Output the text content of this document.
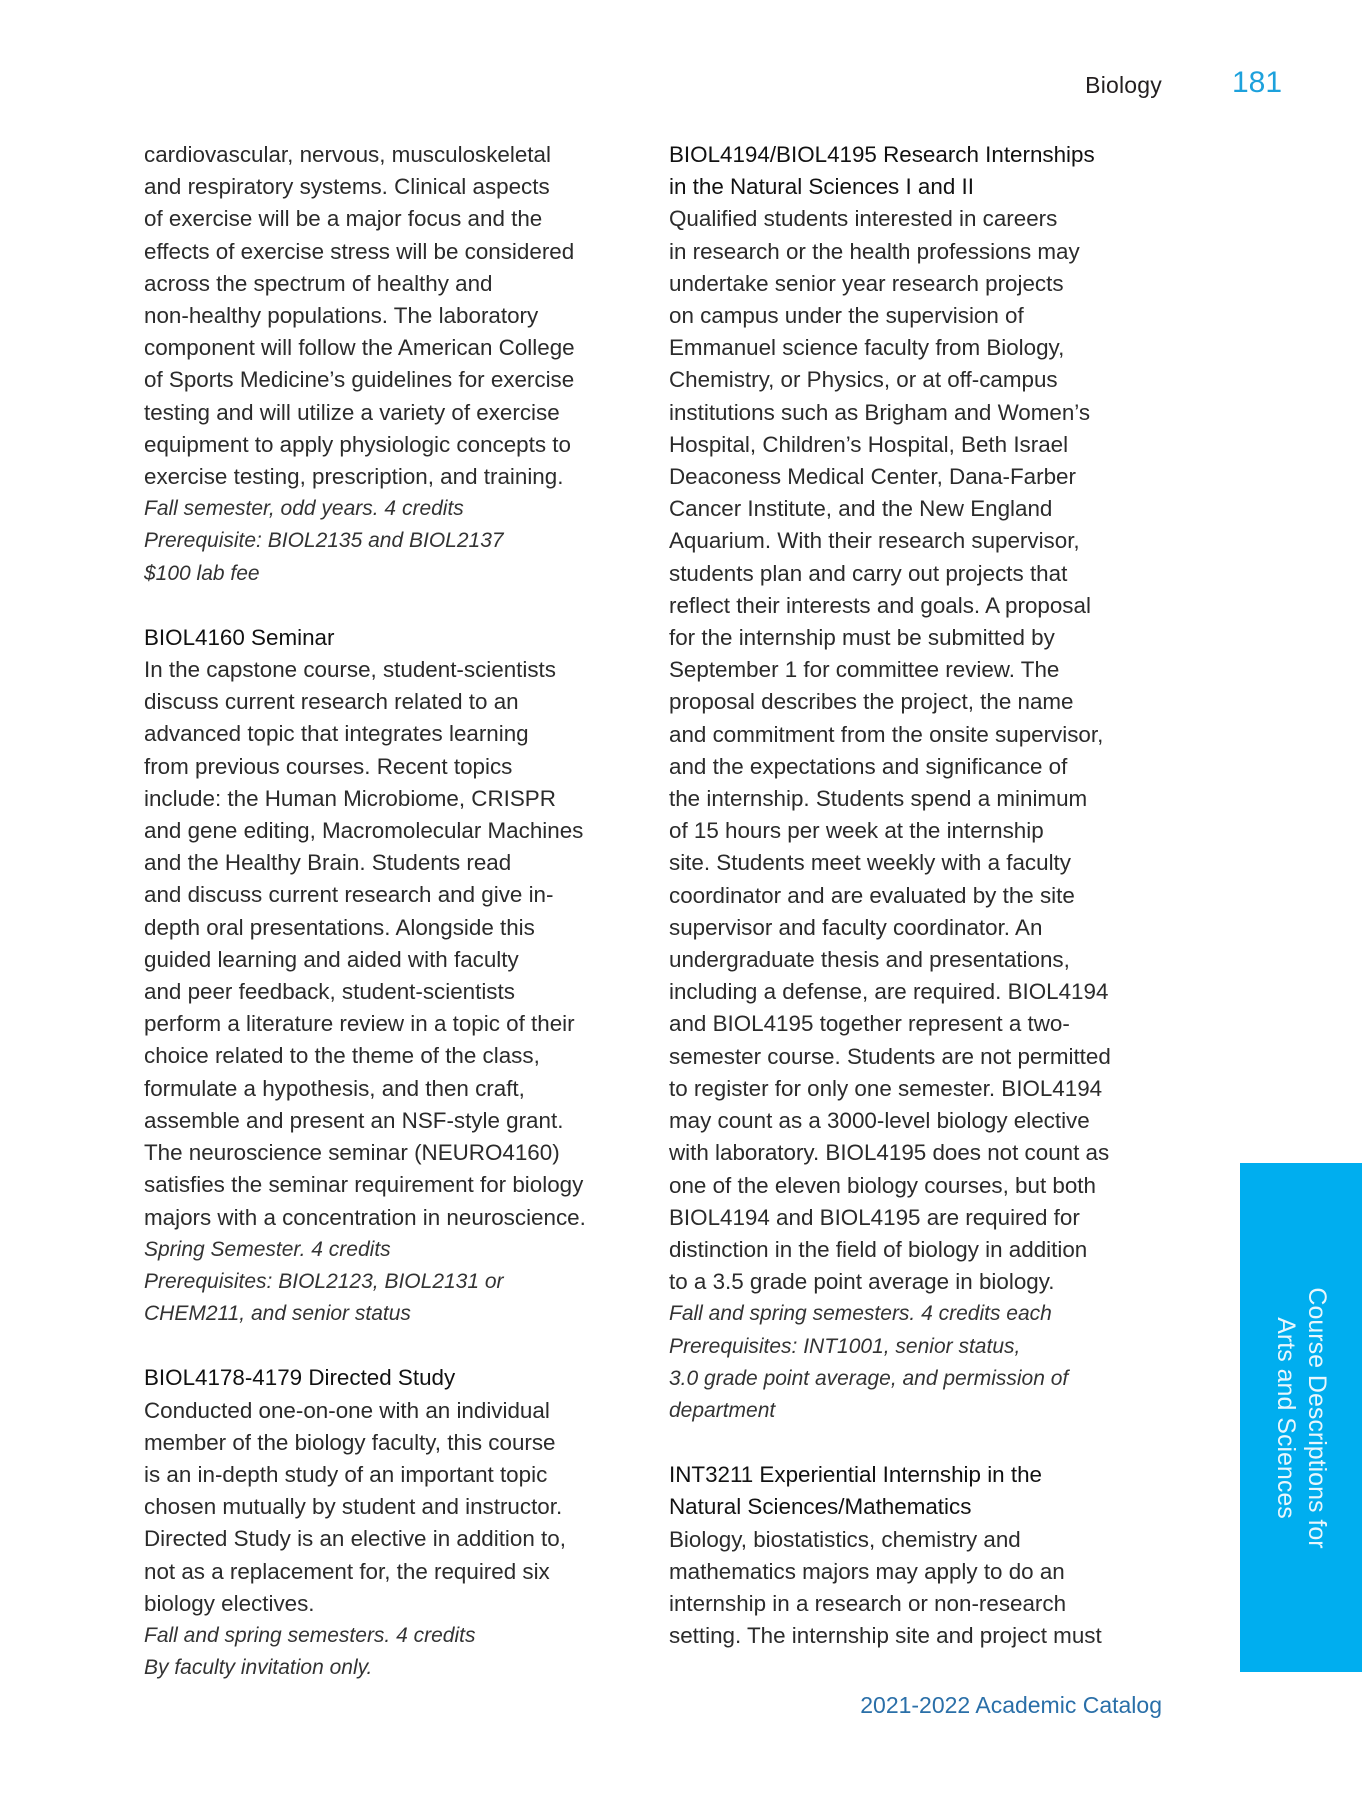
Biology 181
cardiovascular, nervous, musculoskeletal
and respiratory systems. Clinical aspects
of exercise will be a major focus and the
effects of exercise stress will be considered
across the spectrum of healthy and
non-healthy populations. The laboratory
component will follow the American College
of Sports Medicine’s guidelines for exercise
testing and will utilize a variety of exercise
equipment to apply physiologic concepts to
exercise testing, prescription, and training.
Fall semester, odd years. 4 credits
Prerequisite: BIOL2135 and BIOL2137
$100 lab fee
BIOL4160 Seminar
In the capstone course, student-scientists
discuss current research related to an
advanced topic that integrates learning
from previous courses. Recent topics
include: the Human Microbiome, CRISPR
and gene editing, Macromolecular Machines
and the Healthy Brain. Students read
and discuss current research and give in-
depth oral presentations. Alongside this
guided learning and aided with faculty
and peer feedback, student-scientists
perform a literature review in a topic of their
choice related to the theme of the class,
formulate a hypothesis, and then craft,
assemble and present an NSF-style grant.
The neuroscience seminar (NEURO4160)
satisfies the seminar requirement for biology
majors with a concentration in neuroscience.
Spring Semester. 4 credits
Prerequisites: BIOL2123, BIOL2131 or
CHEM211, and senior status
BIOL4178-4179 Directed Study
Conducted one-on-one with an individual
member of the biology faculty, this course
is an in-depth study of an important topic
chosen mutually by student and instructor.
Directed Study is an elective in addition to,
not as a replacement for, the required six
biology electives.
Fall and spring semesters. 4 credits
By faculty invitation only.
BIOL4194/BIOL4195 Research Internships
in the Natural Sciences I and II
Qualified students interested in careers
in research or the health professions may
undertake senior year research projects
on campus under the supervision of
Emmanuel science faculty from Biology,
Chemistry, or Physics, or at off-campus
institutions such as Brigham and Women’s
Hospital, Children’s Hospital, Beth Israel
Deaconess Medical Center, Dana-Farber
Cancer Institute, and the New England
Aquarium. With their research supervisor,
students plan and carry out projects that
reflect their interests and goals. A proposal
for the internship must be submitted by
September 1 for committee review. The
proposal describes the project, the name
and commitment from the onsite supervisor,
and the expectations and significance of
the internship. Students spend a minimum
of 15 hours per week at the internship
site. Students meet weekly with a faculty
coordinator and are evaluated by the site
supervisor and faculty coordinator. An
undergraduate thesis and presentations,
including a defense, are required. BIOL4194
and BIOL4195 together represent a two-
semester course. Students are not permitted
to register for only one semester. BIOL4194
may count as a 3000-level biology elective
with laboratory. BIOL4195 does not count as
one of the eleven biology courses, but both
BIOL4194 and BIOL4195 are required for
distinction in the field of biology in addition
to a 3.5 grade point average in biology.
Fall and spring semesters. 4 credits each
Prerequisites: INT1001, senior status,
3.0 grade point average, and permission of
department
INT3211 Experiential Internship in the
Natural Sciences/Mathematics
Biology, biostatistics, chemistry and
mathematics majors may apply to do an
internship in a research or non-research
setting. The internship site and project must
Course Descriptions for
Arts and Sciences
2021-2022 Academic Catalog
